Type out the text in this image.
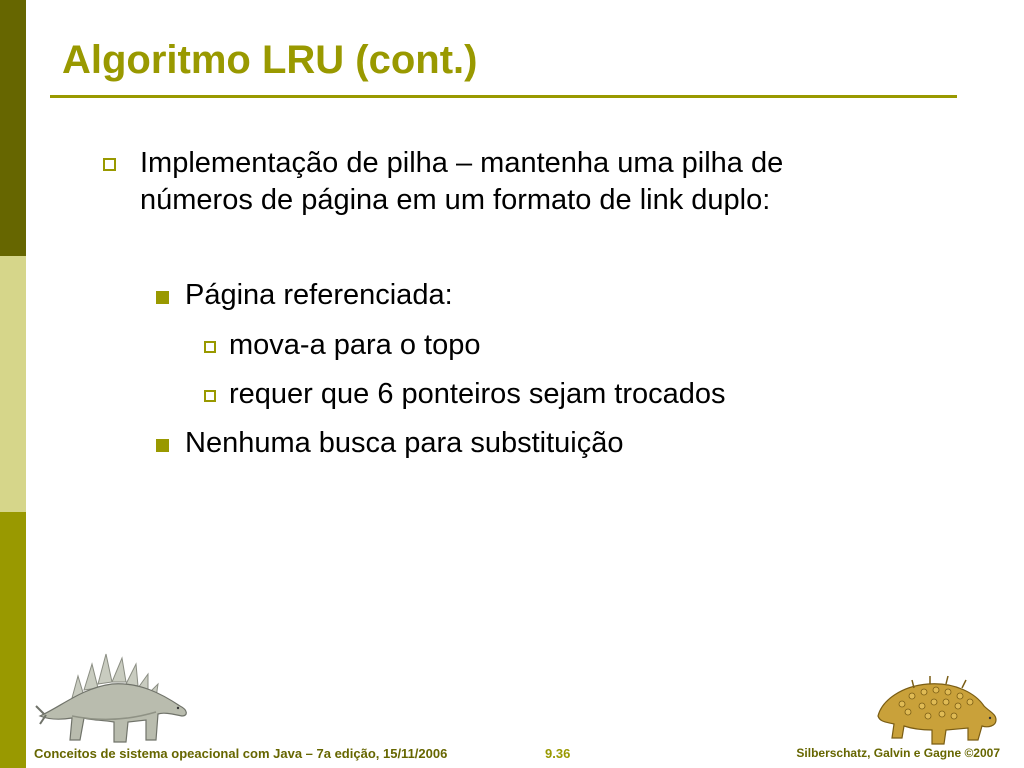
Algoritmo LRU (cont.)
Implementação de pilha – mantenha uma pilha de números de página em um formato de link duplo:
Página referenciada:
mova-a para o topo
requer que 6 ponteiros sejam trocados
Nenhuma busca para substituição
Conceitos de sistema opeacional com Java – 7a edição, 15/11/2006	9.36	Silberschatz, Galvin e Gagne ©2007
